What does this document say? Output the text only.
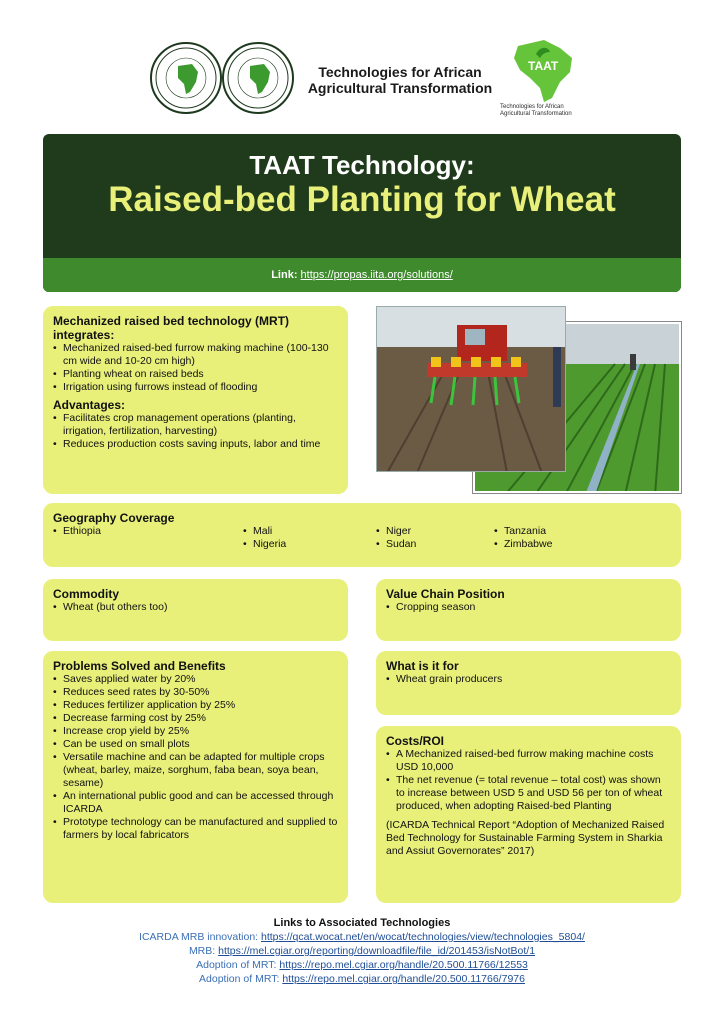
Technologies for African Agricultural Transformation
TAAT
Technologies for African Agricultural Transformation
TAAT Technology:
Raised-bed Planting for Wheat
Link: https://propas.iita.org/solutions/
Mechanized raised bed technology (MRT) integrates:
• Mechanized raised-bed furrow making machine (100-130 cm wide and 10-20 cm high)
• Planting wheat on raised beds
• Irrigation using furrows instead of flooding
Advantages:
• Facilitates crop management operations (planting, irrigation, fertilization, harvesting)
• Reduces production costs saving inputs, labor and time
Geography Coverage
• Ethiopia
•	Mali
• Nigeria
• Niger
• Sudan
• Tanzania
• Zimbabwe
Commodity
• Wheat (but others too)
Value Chain Position
• Cropping season
Problems Solved and Benefits
• Saves applied water by 20%
• Reduces seed rates by 30-50%
• Reduces fertilizer application by 25%
• Decrease farming cost by 25%
• Increase crop yield by 25%
• Can be used on small plots
• Versatile machine and can be adapted for multiple crops (wheat, barley, maize, sorghum, faba bean, soya bean, sesame)
• An international public good and can be accessed through ICARDA
• Prototype technology can be manufactured and supplied to farmers by local fabricators
What is it for
• Wheat grain producers
Costs/ROI
• A Mechanized raised-bed furrow making machine costs USD 10,000
• The net revenue (= total revenue – total cost) was shown to increase between USD 5 and USD 56 per ton of wheat produced, when adopting Raised-bed Planting

(ICARDA Technical Report “Adoption of Mechanized Raised Bed Technology for Sustainable Farming System in Sharkia and Assiut Governorates” 2017)

Links to Associated Technologies
ICARDA MRB innovation: https://qcat.wocat.net/en/wocat/technologies/view/technologies_5804/
MRB: https://mel.cgiar.org/reporting/downloadfile/file_id/201453/isNotBot/1
Adoption of MRT: https://repo.mel.cgiar.org/handle/20.500.11766/12553
Adoption of MRT: https://repo.mel.cgiar.org/handle/20.500.11766/7976
